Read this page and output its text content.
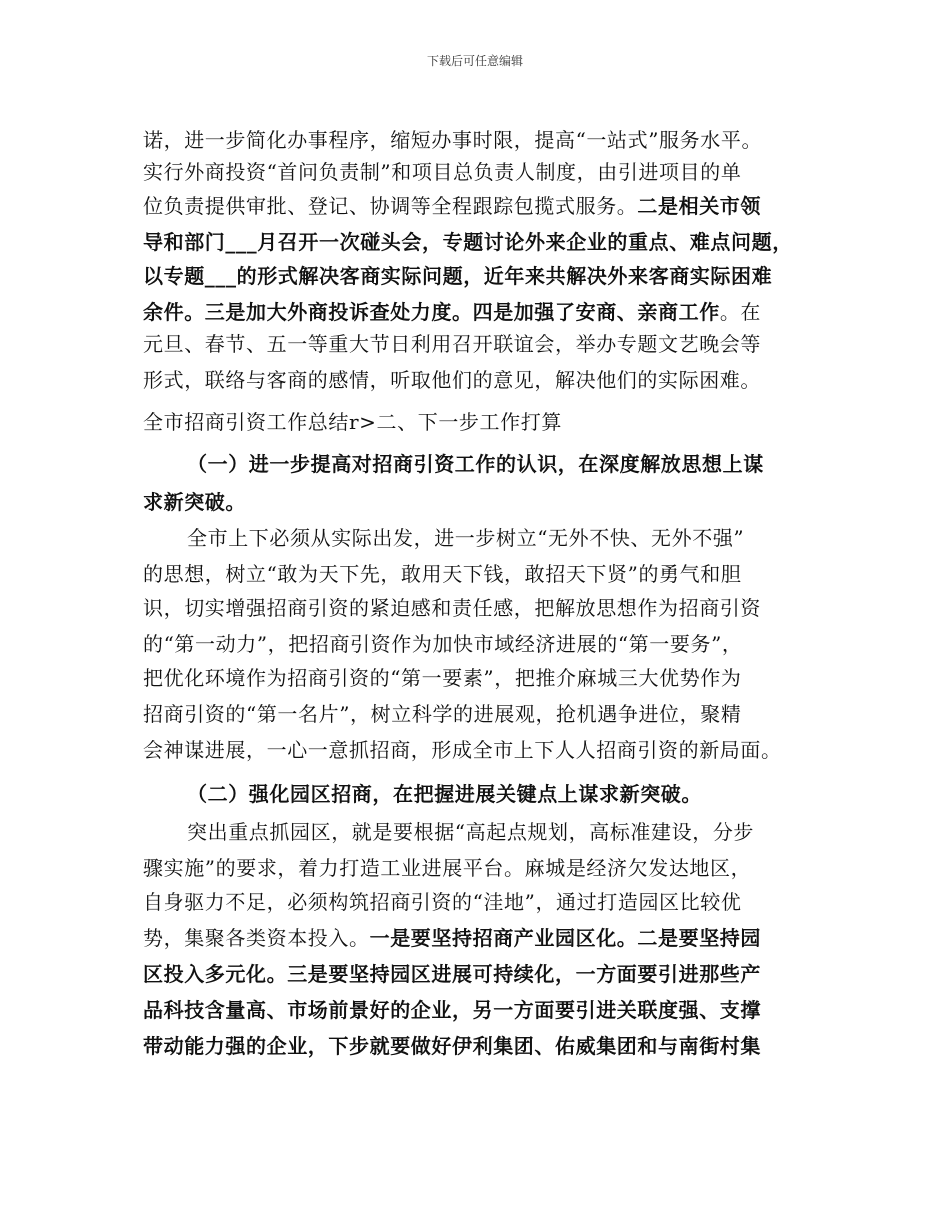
下载后可任意编辑
诺，进一步简化办事程序，缩短办事时限，提高“一站式”服务水平。
实行外商投资“首问负责制”和项目总负责人制度，由引进项目的单
位负责提供审批、登记、协调等全程跟踪包揽式服务。二是相关市领
导和部门___月召开一次碰头会，专题讨论外来企业的重点、难点问题，
以专题___的形式解决客商实际问题，近年来共解决外来客商实际困难
余件。三是加大外商投诉查处力度。四是加强了安商、亲商工作。在
元旦、春节、五一等重大节日利用召开联谊会，举办专题文艺晚会等
形式，联络与客商的感情，听取他们的意见，解决他们的实际困难。
全市招商引资工作总结r>二、下一步工作打算
（一）进一步提高对招商引资工作的认识，在深度解放思想上谋
求新突破。
全市上下必须从实际出发，进一步树立“无外不快、无外不强”
的思想，树立“敢为天下先，敢用天下钱，敢招天下贤”的勇气和胆
识，切实增强招商引资的紧迫感和责任感，把解放思想作为招商引资
的“第一动力”，把招商引资作为加快市域经济进展的“第一要务”，
把优化环境作为招商引资的“第一要素”，把推介麻城三大优势作为
招商引资的“第一名片”，树立科学的进展观，抢机遇争进位，聚精
会神谋进展，一心一意抓招商，形成全市上下人人招商引资的新局面。
（二）强化园区招商，在把握进展关键点上谋求新突破。
突出重点抓园区，就是要根据“高起点规划，高标准建设，分步
骤实施”的要求，着力打造工业进展平台。麻城是经济欠发达地区，
自身驱力不足，必须构筑招商引资的“洼地”，通过打造园区比较优
势，集聚各类资本投入。一是要坚持招商产业园区化。二是要坚持园
区投入多元化。三是要坚持园区进展可持续化，一方面要引进那些产
品科技含量高、市场前景好的企业，另一方面要引进关联度强、支撑
带动能力强的企业，下步就要做好伊利集团、佑威集团和与南街村集
